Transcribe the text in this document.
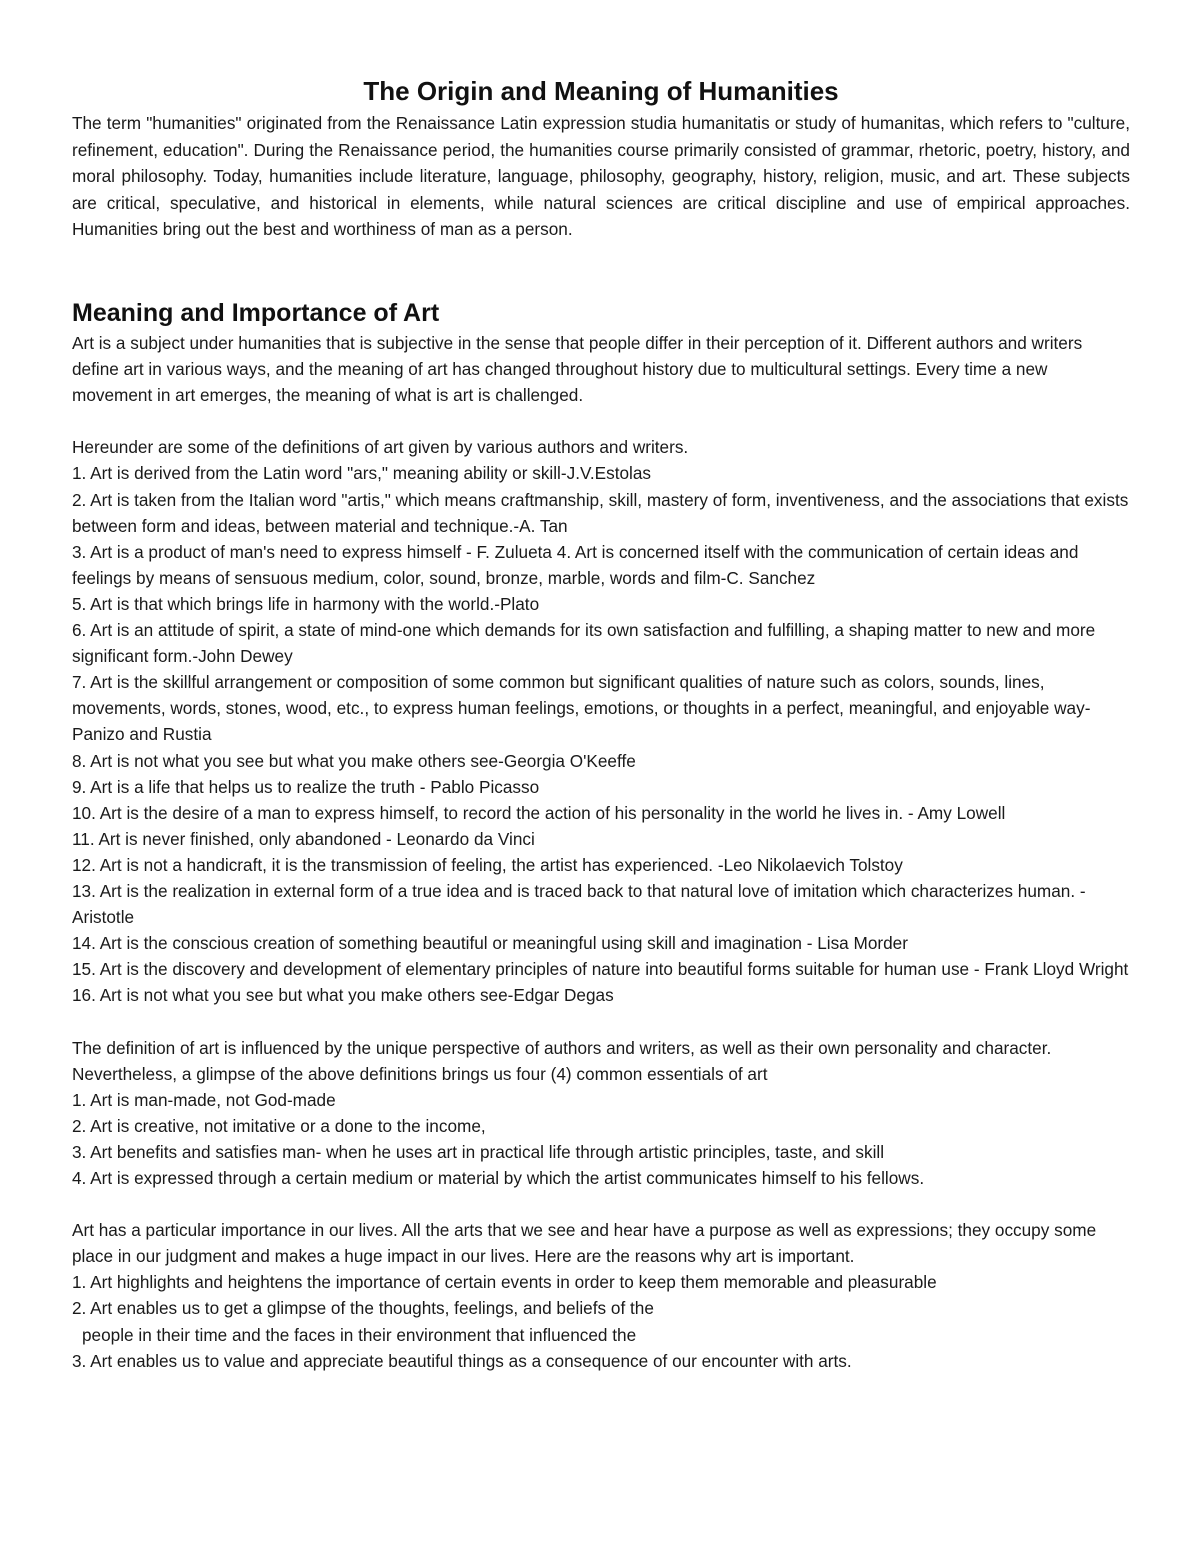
The Origin and Meaning of Humanities

The term "humanities" originated from the Renaissance Latin expression studia humanitatis or study of humanitas, which refers to "culture, refinement, education". During the Renaissance period, the humanities course primarily consisted of grammar, rhetoric, poetry, history, and moral philosophy. Today, humanities include literature, language, philosophy, geography, history, religion, music, and art. These subjects are critical, speculative, and historical in elements, while natural sciences are critical discipline and use of empirical approaches. Humanities bring out the best and worthiness of man as a person.

Meaning and Importance of Art

Art is a subject under humanities that is subjective in the sense that people differ in their perception of it. Different authors and writers define art in various ways, and the meaning of art has changed throughout history due to multicultural settings. Every time a new movement in art emerges, the meaning of what is art is challenged.

Hereunder are some of the definitions of art given by various authors and writers.

1. Art is derived from the Latin word "ars," meaning ability or skill-J.V.Estolas

2. Art is taken from the Italian word "artis," which means craftmanship, skill, mastery of form, inventiveness, and the associations that exists between form and ideas, between material and technique.-A. Tan

3. Art is a product of man's need to express himself - F. Zulueta 4. Art is concerned itself with the communication of certain ideas and feelings by means of sensuous medium, color, sound, bronze, marble, words and film-C. Sanchez

5. Art is that which brings life in harmony with the world.-Plato

6. Art is an attitude of spirit, a state of mind-one which demands for its own satisfaction and fulfilling, a shaping matter to new and more significant form.-John Dewey

7. Art is the skillful arrangement or composition of some common but significant qualities of nature such as colors, sounds, lines, movements, words, stones, wood, etc., to express human feelings, emotions, or thoughts in a perfect, meaningful, and enjoyable way-Panizo and Rustia

8. Art is not what you see but what you make others see-Georgia O'Keeffe

9. Art is a life that helps us to realize the truth - Pablo Picasso

10. Art is the desire of a man to express himself, to record the action of his personality in the world he lives in. - Amy Lowell

11. Art is never finished, only abandoned - Leonardo da Vinci

12. Art is not a handicraft, it is the transmission of feeling, the artist has experienced. -Leo Nikolaevich Tolstoy

13. Art is the realization in external form of a true idea and is traced back to that natural love of imitation which characterizes human. -Aristotle

14. Art is the conscious creation of something beautiful or meaningful using skill and imagination - Lisa Morder

15. Art is the discovery and development of elementary principles of nature into beautiful forms suitable for human use - Frank Lloyd Wright

16. Art is not what you see but what you make others see-Edgar Degas

The definition of art is influenced by the unique perspective of authors and writers, as well as their own personality and character.

Nevertheless, a glimpse of the above definitions brings us four (4) common essentials of art

1. Art is man-made, not God-made

2. Art is creative, not imitative or a done to the income,

3. Art benefits and satisfies man- when he uses art in practical life through artistic principles, taste, and skill

4. Art is expressed through a certain medium or material by which the artist communicates himself to his fellows.

Art has a particular importance in our lives. All the arts that we see and hear have a purpose as well as expressions; they occupy some place in our judgment and makes a huge impact in our lives. Here are the reasons why art is important.

1. Art highlights and heightens the importance of certain events in order to keep them memorable and pleasurable

2. Art enables us to get a glimpse of the thoughts, feelings, and beliefs of the

people in their time and the faces in their environment that influenced the

3. Art enables us to value and appreciate beautiful things as a consequence of our encounter with arts.
